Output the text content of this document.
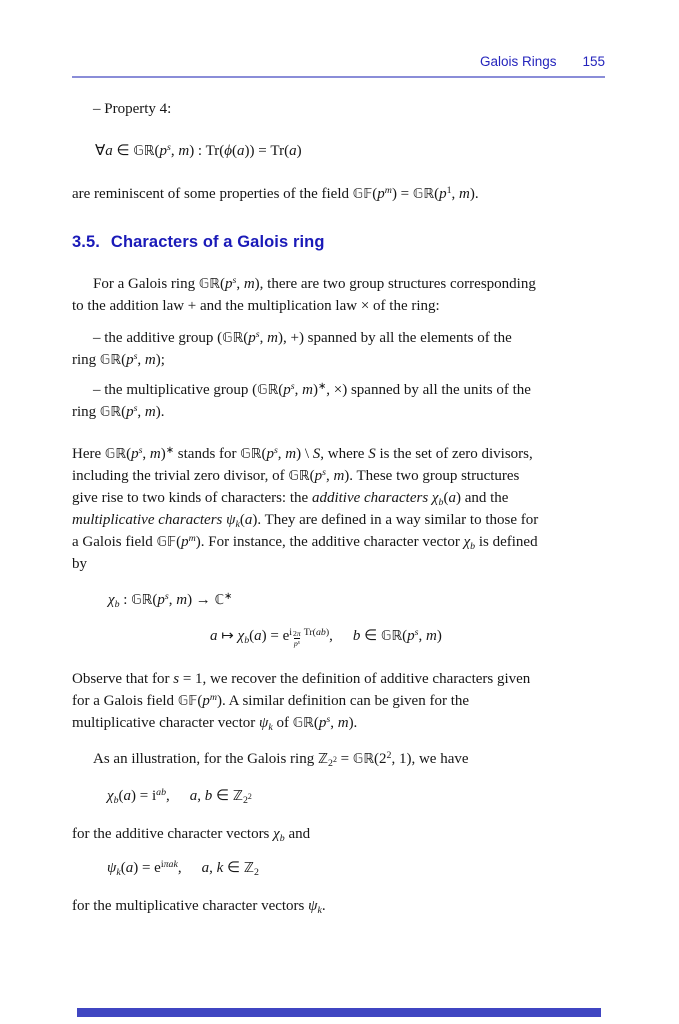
Galois Rings 155
3.5. Characters of a Galois ring
– Property 4:
∀a ∈ $𝔾ℝ(p^s$, m) : Tr(ϕ(a)) = Tr(a)
are reminiscent of some properties of the field $𝔾𝔽(p^m)$ = $𝔾ℝ(p^1$, m).
For a Galois ring $𝔾ℝ(p^s$, m), there are two group structures corresponding
to the addition law + and the multiplication law × of the ring:
– the additive group ($𝔾ℝ(p^s$, m), +) spanned by all the elements of the
ring $𝔾ℝ(p^s$, m);
– the multiplicative group ($𝔾ℝ(p^s$, m)∗, ×) spanned by all the units of the
ring $𝔾ℝ(p^s$, m).
Here $𝔾ℝ(p^s$, m)∗ stands for $𝔾ℝ(p^s$, m) \ S, where S is the set of zero divisors,
including the trivial zero divisor, of $𝔾ℝ(p^s$, m). These two group structures
give rise to two kinds of characters: the additive characters $\chi_b(a)$ and the
multiplicative characters $\psi_k(a)$. They are defined in a way similar to those for
a Galois field $𝔾𝔽(p^m)$. For instance, the additive character vector $\chi_b$ is defined
by
$\chi_b$ : $𝔾ℝ(p^s$, m) → ℂ∗
a ↦ $\chi_b(a) = e^{i \frac{2\pi}{p^s} Tr(ab)}$, b ∈ $𝔾ℝ(p^s$, m)
Observe that for s = 1, we recover the definition of additive characters given
for a Galois field $𝔾𝔽(p^m)$. A similar definition can be given for the
multiplicative character vector $\psi_k$ of $𝔾ℝ(p^s$, m).
As an illustration, for the Galois ring ℤ$_{2^2}$ = $𝔾ℝ(2^2$, 1), we have
$\chi_b(a) = i^{ab}$, a, b ∈ ℤ$_{2^2}$
for the additive character vectors $\chi_b$ and
$\psi_k(a) = e^{i\pi ak}$, a, k ∈ ℤ$_2$
for the multiplicative character vectors $\psi_k$.
